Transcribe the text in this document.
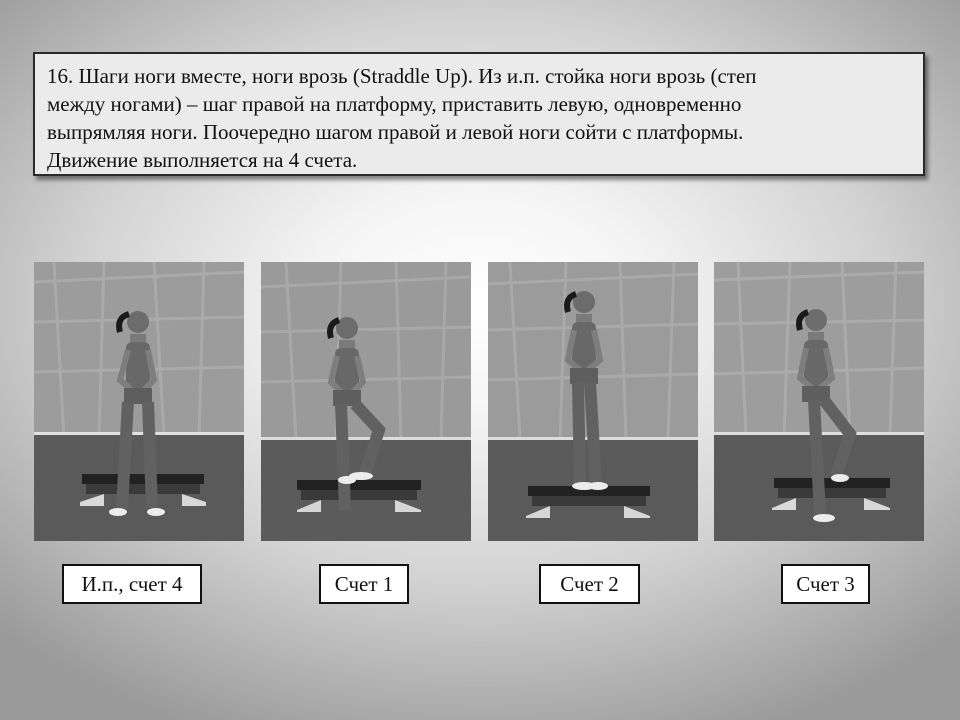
16. Шаги ноги вместе, ноги врозь (Straddle Up). Из и.п. стойка ноги врозь (степ
между ногами) – шаг правой на платформу, приставить левую, одновременно
выпрямляя ноги. Поочередно шагом правой и левой ноги сойти с платформы.
Движение выполняется на 4 счета.
И.п., счет 4	Счет 1	Счет 2	Счет 3
